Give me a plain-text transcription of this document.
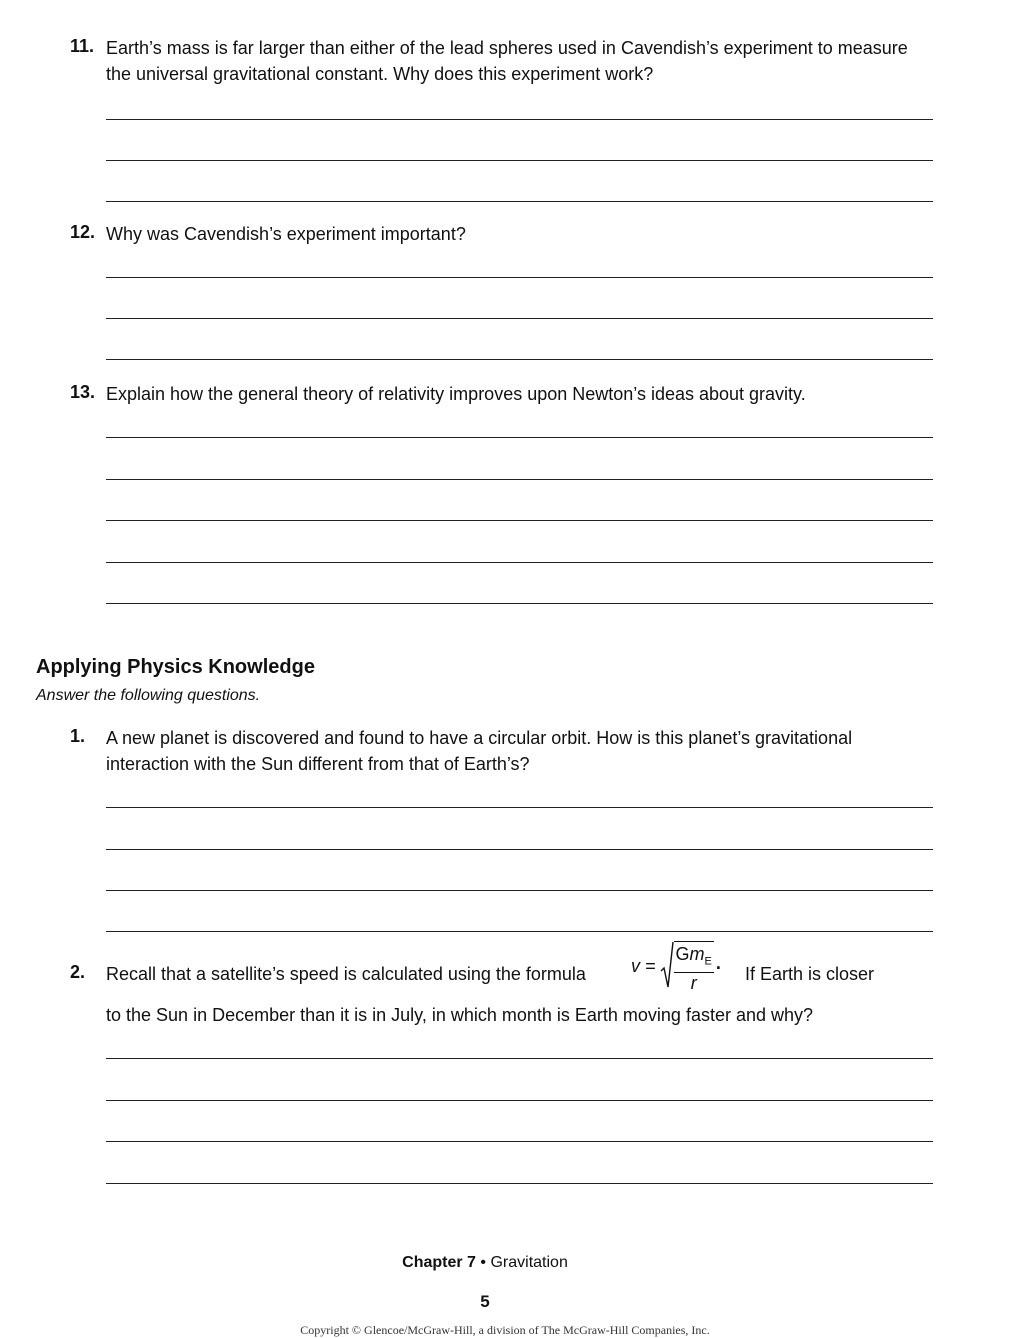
11. Earth’s mass is far larger than either of the lead spheres used in Cavendish’s experiment to measure the universal gravitational constant. Why does this experiment work?
12. Why was Cavendish’s experiment important?
13. Explain how the general theory of relativity improves upon Newton’s ideas about gravity.
Applying Physics Knowledge
Answer the following questions.
1. A new planet is discovered and found to have a circular orbit. How is this planet’s gravitational interaction with the Sun different from that of Earth’s?
2. Recall that a satellite’s speed is calculated using the formula	$v = \frac{Gm_E}{r}$ .
If Earth is closer
to the Sun in December than it is in July, in which month is Earth moving faster and why?
Chapter 7 • Gravitation
5
Copyright © Glencoe/McGraw-Hill, a division of The McGraw-Hill Companies, Inc.
